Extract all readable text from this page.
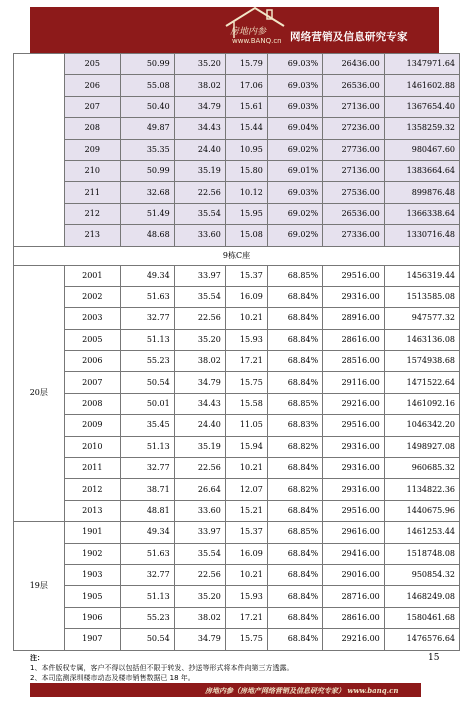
房地内参
www.BANQ.cn 网络营销及信息研究专家
	205	50.99	35.20	15.79	69.03%	26436.00	1347971.64
	206	55.08	38.02	17.06	69.03%	26536.00	1461602.88
	207	50.40	34.79	15.61	69.03%	27136.00	1367654.40
	208	49.87	34.43	15.44	69.04%	27236.00	1358259.32
	209	35.35	24.40	10.95	69.02%	27736.00	980467.60
	210	50.99	35.19	15.80	69.01%	27136.00	1383664.64
	211	32.68	22.56	10.12	69.03%	27536.00	899876.48
	212	51.49	35.54	15.95	69.02%	26536.00	1366338.64
	213	48.68	33.60	15.08	69.02%	27336.00	1330716.48
9栋C座							
20层	2001	49.34	33.97	15.37	68.85%	29516.00	1456319.44
	2002	51.63	35.54	16.09	68.84%	29316.00	1513585.08
	2003	32.77	22.56	10.21	68.84%	28916.00	947577.32
	2005	51.13	35.20	15.93	68.84%	28616.00	1463136.08
	2006	55.23	38.02	17.21	68.84%	28516.00	1574938.68
	2007	50.54	34.79	15.75	68.84%	29116.00	1471522.64
	2008	50.01	34.43	15.58	68.85%	29216.00	1461092.16
	2009	35.45	24.40	11.05	68.83%	29516.00	1046342.20
	2010	51.13	35.19	15.94	68.82%	29316.00	1498927.08
	2011	32.77	22.56	10.21	68.84%	29316.00	960685.32
	2012	38.71	26.64	12.07	68.82%	29316.00	1134822.36
	2013	48.81	33.60	15.21	68.84%	29516.00	1440675.96
19层	1901	49.34	33.97	15.37	68.85%	29616.00	1461253.44
	1902	51.63	35.54	16.09	68.84%	29416.00	1518748.08
	1903	32.77	22.56	10.21	68.84%	29016.00	950854.32
	1905	51.13	35.20	15.93	68.84%	28716.00	1468249.08
	1906	55.23	38.02	17.21	68.84%	28616.00	1580461.68
	1907	50.54	34.79	15.75	68.84%	29216.00	1476576.64
注：
1、本件版权专属，客户不得以包括但不限于转发、抄送等形式将本件向第三方透露。
2、本司监测深圳楼市动态及楼市销售数据已 18 年。
15
房地内参（房地产网络营销及信息研究专家） www.banq.cn
